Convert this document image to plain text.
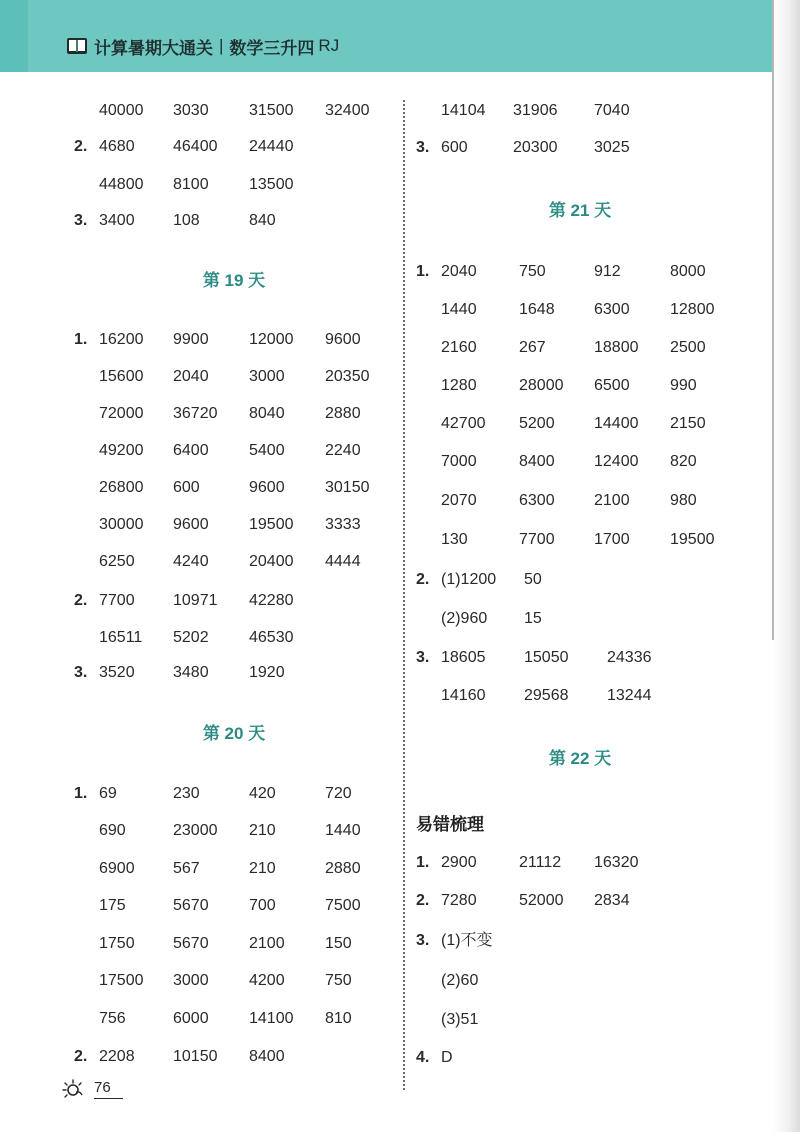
计算暑期大通关 | 数学三升四 RJ
40000 3030	31500 32400
2. 4680 46400 24440
44800 8100	13500
3. 3400 108	840
第 19 天
1. 16200 9900	12000 9600
15600 2040	3000	20350
72000 36720 8040	2880
49200 6400	5400	2240
26800 600	9600	30150
30000 9600	19500 3333
6250 4240	20400 4444
2. 7700 10971 42280
16511 5202	46530
3. 3520 3480	1920
第 20 天
1. 69	230	420	720
690	23000 210	1440
6900 567	210	2880
175	5670	700	7500
1750 5670	2100	150
17500 3000	4200	750
756	6000	14100 810
2. 2208 10150 8400
14104 31906 7040
3. 600	20300 3025
第 21 天
1. 2040	750	912	8000
1440	1648 6300	12800
2160	267	18800 2500
1280	28000 6500	990
42700 5200 14400 2150
7000	8400 12400 820
2070	6300 2100	980
130	7700 1700	19500
2. (1)1200 50
(2)960 15
3. 18605 15050 24336
14160 29568 13244
第 22 天
易错梳理
1. 2900	21112 16320
2. 7280	52000 2834
3. (1)不变
(2)60
(3)51
4. D
76
